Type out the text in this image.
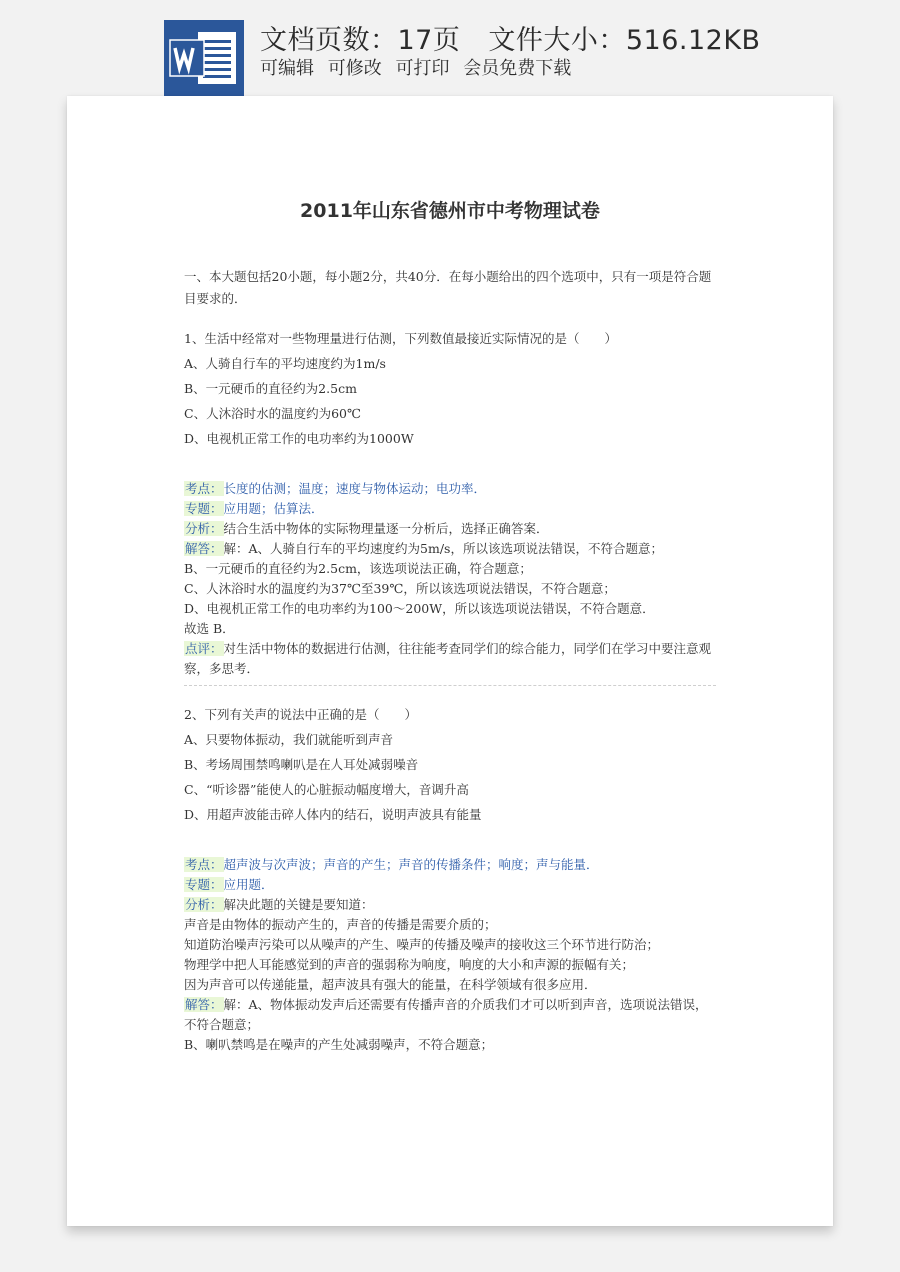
文档页数：17页 文件大小：516.12KB
可编辑 可修改 可打印 会员免费下载
2011年山东省德州市中考物理试卷

一、本大题包括20小题，每小题2分，共40分．在每小题给出的四个选项中，只有一项是符合题目要求的．

1、生活中经常对一些物理量进行估测，下列数值最接近实际情况的是（　　）

A、人骑自行车的平均速度约为1m/s

B、一元硬币的直径约为2.5cm

C、人沐浴时水的温度约为60℃

D、电视机正常工作的电功率约为1000W

考点：长度的估测；温度；速度与物体运动；电功率．

专题：应用题；估算法．

分析：结合生活中物体的实际物理量逐一分析后，选择正确答案．

解答：解：A、人骑自行车的平均速度约为5m/s，所以该选项说法错误，不符合题意；

B、一元硬币的直径约为2.5cm，该选项说法正确，符合题意；

C、人沐浴时水的温度约为37℃至39℃，所以该选项说法错误，不符合题意；

D、电视机正常工作的电功率约为100～200W，所以该选项说法错误，不符合题意．

故选 B．

点评：对生活中物体的数据进行估测，往往能考查同学们的综合能力，同学们在学习中要注意观察，多思考．

2、下列有关声的说法中正确的是（　　）

A、只要物体振动，我们就能听到声音

B、考场周围禁鸣喇叭是在人耳处减弱噪音

C、“听诊器”能使人的心脏振动幅度增大，音调升高

D、用超声波能击碎人体内的结石，说明声波具有能量

考点：超声波与次声波；声音的产生；声音的传播条件；响度；声与能量．

专题：应用题．

分析：解决此题的关键是要知道：

声音是由物体的振动产生的，声音的传播是需要介质的；

知道防治噪声污染可以从噪声的产生、噪声的传播及噪声的接收这三个环节进行防治；

物理学中把人耳能感觉到的声音的强弱称为响度，响度的大小和声源的振幅有关；

因为声音可以传递能量，超声波具有强大的能量，在科学领域有很多应用．

解答：解：A、物体振动发声后还需要有传播声音的介质我们才可以听到声音，选项说法错误，不符合题意；

B、喇叭禁鸣是在噪声的产生处减弱噪声，不符合题意；
